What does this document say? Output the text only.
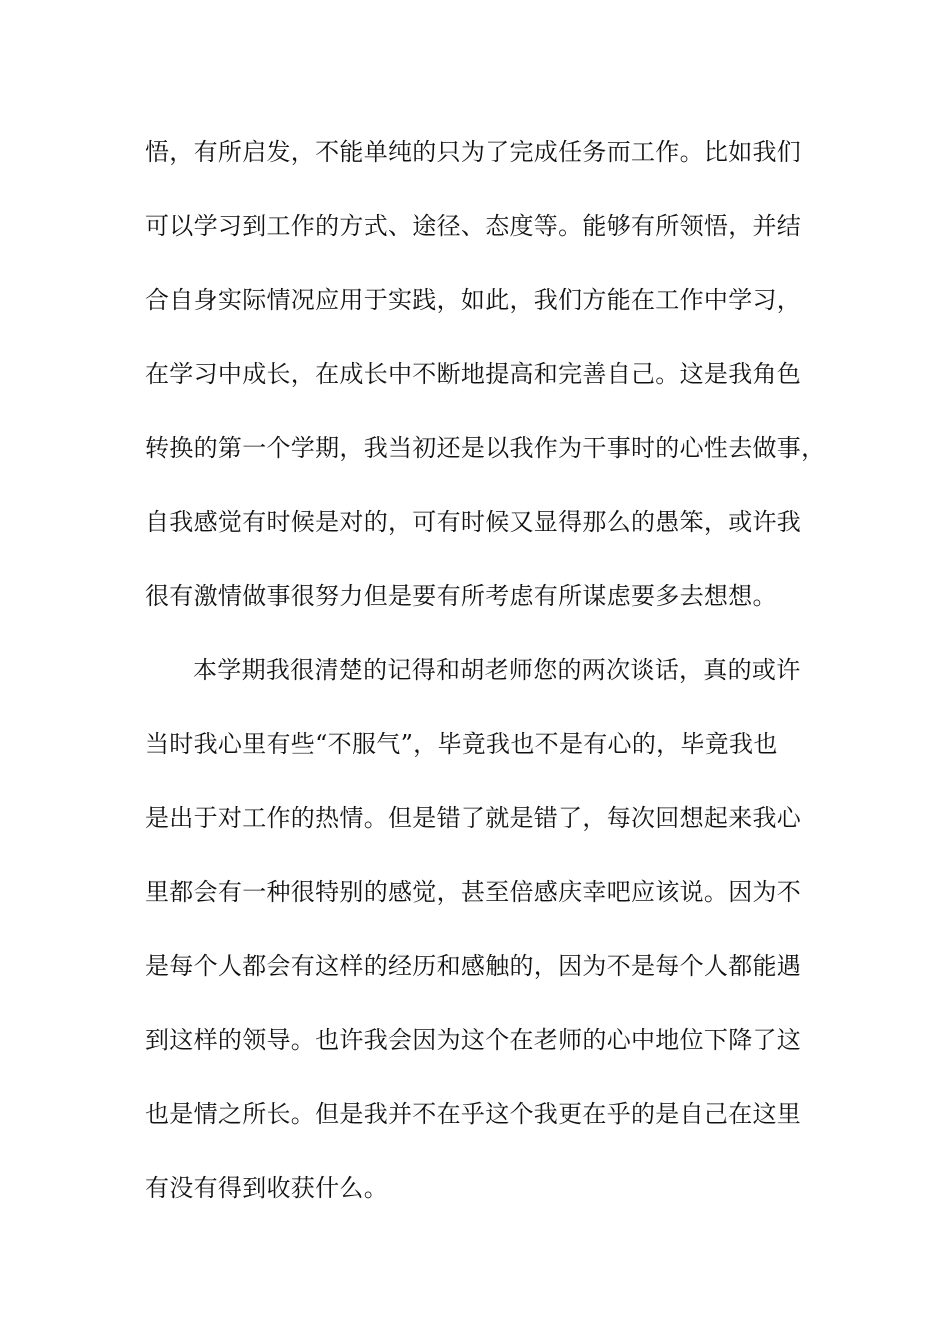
悟，有所启发，不能单纯的只为了完成任务而工作。比如我们
可以学习到工作的方式、途径、态度等。能够有所领悟，并结
合自身实际情况应用于实践，如此，我们方能在工作中学习，
在学习中成长，在成长中不断地提高和完善自己。这是我角色
转换的第一个学期，我当初还是以我作为干事时的心性去做事，
自我感觉有时候是对的，可有时候又显得那么的愚笨，或许我
很有激情做事很努力但是要有所考虑有所谋虑要多去想想。
本学期我很清楚的记得和胡老师您的两次谈话，真的或许
当时我心里有些“不服气”，毕竟我也不是有心的，毕竟我也
是出于对工作的热情。但是错了就是错了，每次回想起来我心
里都会有一种很特别的感觉，甚至倍感庆幸吧应该说。因为不
是每个人都会有这样的经历和感触的，因为不是每个人都能遇
到这样的领导。也许我会因为这个在老师的心中地位下降了这
也是情之所长。但是我并不在乎这个我更在乎的是自己在这里
有没有得到收获什么。
